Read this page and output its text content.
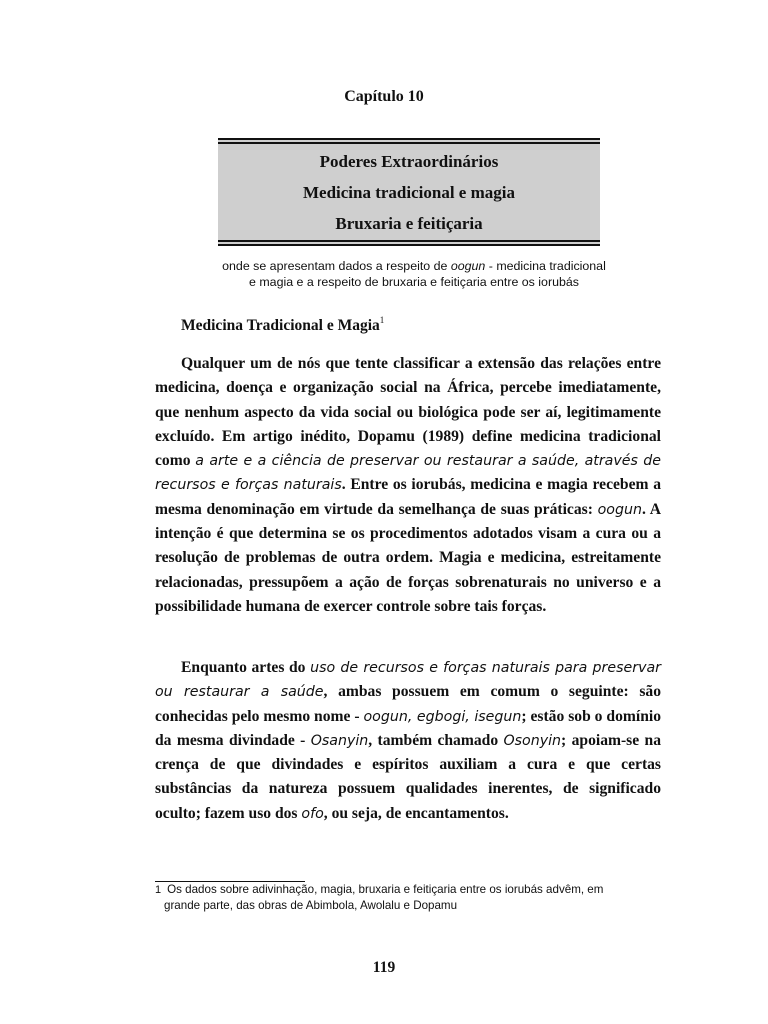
Capítulo 10
Poderes Extraordinários
Medicina tradicional e magia
Bruxaria e feitiçaria
onde se apresentam dados a respeito de oogun - medicina tradicional
e magia e a respeito de bruxaria e feitiçaria entre os iorubás
Medicina Tradicional e Magia$^1$
Qualquer um de nós que tente classificar a extensão das relações entre medicina, doença e organização social na África, percebe imediatamente, que nenhum aspecto da vida social ou biológica pode ser aí, legitimamente excluído. Em artigo inédito, Dopamu (1989) define medicina tradicional como a arte e a ciência de preservar ou restaurar a saúde, através de recursos e forças naturais. Entre os iorubás, medicina e magia recebem a mesma denominação em virtude da semelhança de suas práticas: oogun. A intenção é que determina se os procedimentos adotados visam a cura ou a resolução de problemas de outra ordem. Magia e medicina, estreitamente relacionadas, pressupõem a ação de forças sobrenaturais no universo e a possibilidade humana de exercer controle sobre tais forças.
Enquanto artes do uso de recursos e forças naturais para preservar ou restaurar a saúde, ambas possuem em comum o seguinte: são conhecidas pelo mesmo nome - oogun, egbogi, isegun; estão sob o domínio da mesma divindade - Osanyin, também chamado Osonyin; apoiam-se na crença de que divindades e espíritos auxiliam a cura e que certas substâncias da natureza possuem qualidades inerentes, de significado oculto; fazem uso dos ofo, ou seja, de encantamentos.
1 Os dados sobre adivinhação, magia, bruxaria e feitiçaria entre os iorubás advêm, em
grande parte, das obras de Abimbola, Awolalu e Dopamu
119
